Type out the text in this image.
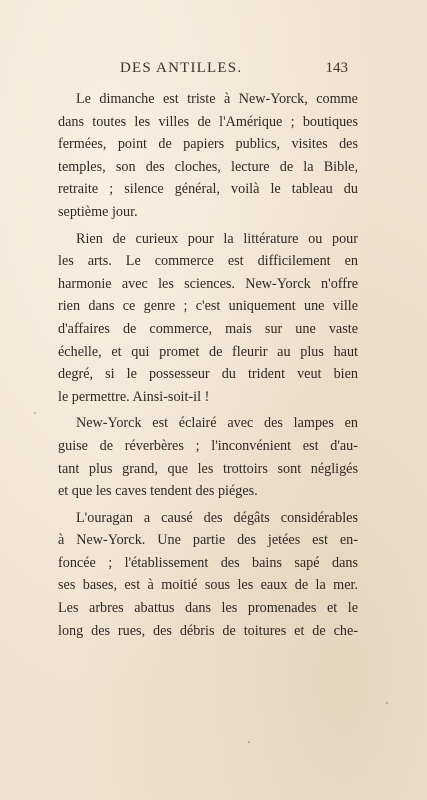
DES ANTILLES.	143
Le dimanche est triste à New-Yorck, comme
dans toutes les villes de l'Amérique ; boutiques
fermées, point de papiers publics, visites des
temples, son des cloches, lecture de la Bible,
retraite ; silence général, voilà le tableau du
septième jour.
Rien de curieux pour la littérature ou pour
les arts. Le commerce est difficilement en
harmonie avec les sciences. New-Yorck n'offre
rien dans ce genre ; c'est uniquement une ville
d'affaires de commerce, mais sur une vaste
échelle, et qui promet de fleurir au plus haut
degré, si le possesseur du trident veut bien
le permettre. Ainsi-soit-il !
New-Yorck est éclairé avec des lampes en
guise de réverbères ; l'inconvénient est d'au-
tant plus grand, que les trottoirs sont négligés
et que les caves tendent des piéges.
L'ouragan a causé des dégâts considérables
à New-Yorck. Une partie des jetées est en-
foncée ; l'établissement des bains sapé dans
ses bases, est à moitié sous les eaux de la mer.
Les arbres abattus dans les promenades et le
long des rues, des débris de toitures et de che-
